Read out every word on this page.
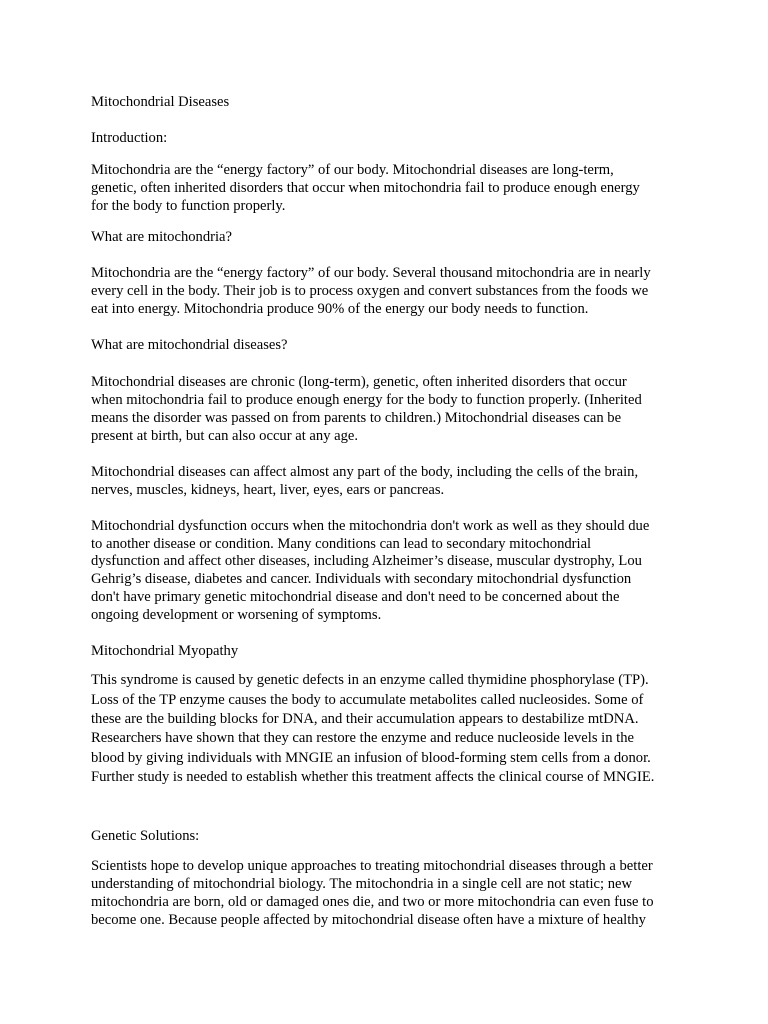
Mitochondrial Diseases

Introduction:

Mitochondria are the “energy factory” of our body. Mitochondrial diseases are long-term,

genetic, often inherited disorders that occur when mitochondria fail to produce enough energy

for the body to function properly.

What are mitochondria?

Mitochondria are the “energy factory” of our body. Several thousand mitochondria are in nearly

every cell in the body. Their job is to process oxygen and convert substances from the foods we

eat into energy. Mitochondria produce 90% of the energy our body needs to function.

What are mitochondrial diseases?

Mitochondrial diseases are chronic (long-term), genetic, often inherited disorders that occur

when mitochondria fail to produce enough energy for the body to function properly. (Inherited

means the disorder was passed on from parents to children.) Mitochondrial diseases can be

present at birth, but can also occur at any age.

Mitochondrial diseases can affect almost any part of the body, including the cells of the brain,

nerves, muscles, kidneys, heart, liver, eyes, ears or pancreas.

Mitochondrial dysfunction occurs when the mitochondria don't work as well as they should due

to another disease or condition. Many conditions can lead to secondary mitochondrial

dysfunction and affect other diseases, including Alzheimer’s disease, muscular dystrophy, Lou

Gehrig’s disease, diabetes and cancer. Individuals with secondary mitochondrial dysfunction

don't have primary genetic mitochondrial disease and don't need to be concerned about the

ongoing development or worsening of symptoms.

Mitochondrial Myopathy

This syndrome is caused by genetic defects in an enzyme called thymidine phosphorylase (TP).

Loss of the TP enzyme causes the body to accumulate metabolites called nucleosides. Some of

these are the building blocks for DNA, and their accumulation appears to destabilize mtDNA.

Researchers have shown that they can restore the enzyme and reduce nucleoside levels in the

blood by giving individuals with MNGIE an infusion of blood-forming stem cells from a donor.

Further study is needed to establish whether this treatment affects the clinical course of MNGIE.

Genetic Solutions:

Scientists hope to develop unique approaches to treating mitochondrial diseases through a better

understanding of mitochondrial biology. The mitochondria in a single cell are not static; new

mitochondria are born, old or damaged ones die, and two or more mitochondria can even fuse to

become one. Because people affected by mitochondrial disease often have a mixture of healthy
